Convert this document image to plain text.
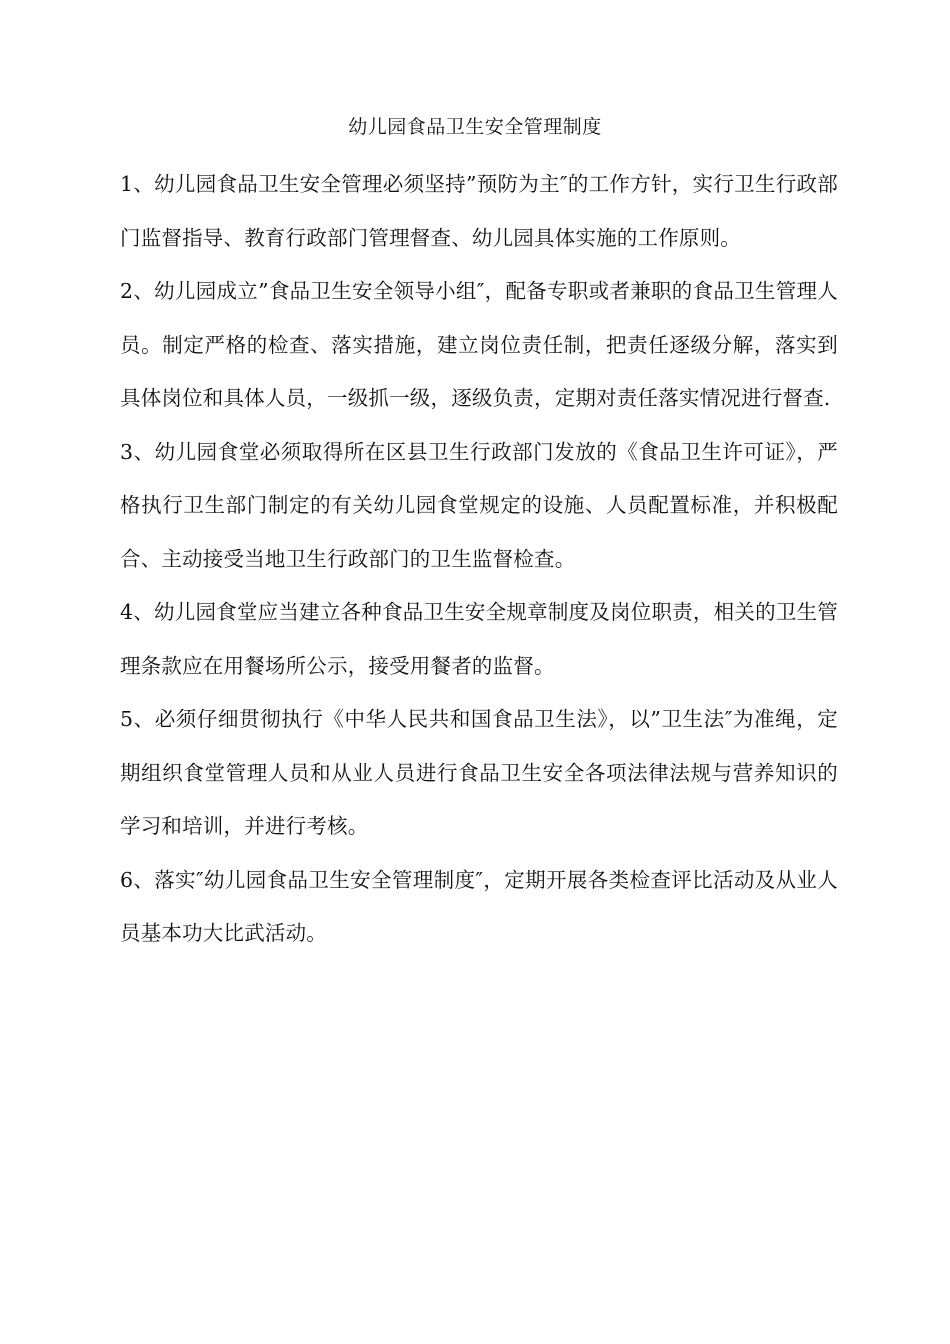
幼儿园食品卫生安全管理制度

1、幼儿园食品卫生安全管理必须坚持”预防为主″的工作方针，实行卫生行政部门监督指导、教育行政部门管理督查、幼儿园具体实施的工作原则。

2、幼儿园成立”食品卫生安全领导小组″，配备专职或者兼职的食品卫生管理人员。制定严格的检查、落实措施，建立岗位责任制，把责任逐级分解，落实到具体岗位和具体人员，一级抓一级，逐级负责，定期对责任落实情况进行督查.

3、幼儿园食堂必须取得所在区县卫生行政部门发放的《食品卫生许可证》，严格执行卫生部门制定的有关幼儿园食堂规定的设施、人员配置标准，并积极配合、主动接受当地卫生行政部门的卫生监督检查。

4、幼儿园食堂应当建立各种食品卫生安全规章制度及岗位职责，相关的卫生管理条款应在用餐场所公示，接受用餐者的监督。

5、必须仔细贯彻执行《中华人民共和国食品卫生法》，以”卫生法″为准绳，定期组织食堂管理人员和从业人员进行食品卫生安全各项法律法规与营养知识的学习和培训，并进行考核。

6、落实″幼儿园食品卫生安全管理制度″，定期开展各类检查评比活动及从业人员基本功大比武活动。
